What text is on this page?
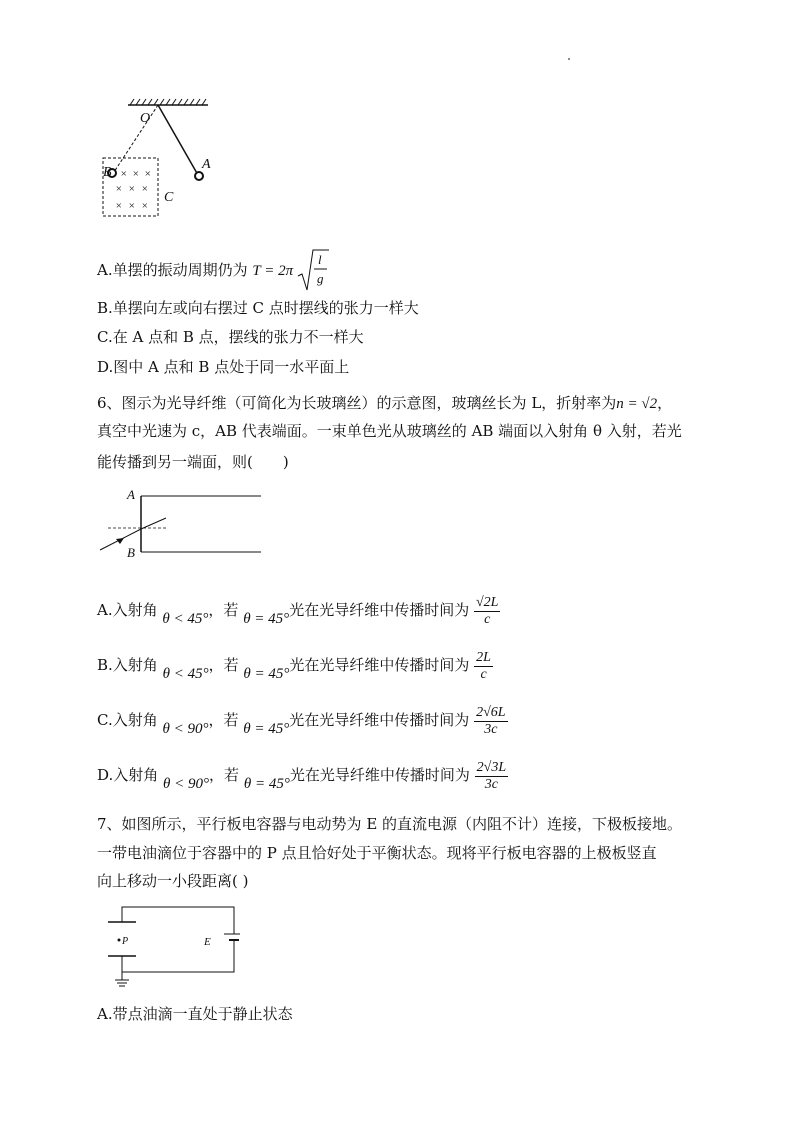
× × ×
× × ×
× × ×
O
A
B
C
A.单摆的振动周期仍为 T = 2π
l
g
B.单摆向左或向右摆过 C 点时摆线的张力一样大
C.在 A 点和 B 点，摆线的张力不一样大
D.图中 A 点和 B 点处于同一水平面上
6、图示为光导纤维（可简化为长玻璃丝）的示意图，玻璃丝长为 L，折射率为n = √2，
真空中光速为 c，AB 代表端面。一束单色光从玻璃丝的 AB 端面以入射角 θ 入射，若光
能传播到另一端面，则(　　)
A
B
A.入射角 θ < 45°，若 θ = 45°光在光导纤维中传播时间为 $\frac{√2L}{c}$
B.入射角 θ < 45°，若 θ = 45°光在光导纤维中传播时间为 $\frac{2L}{c}$
C.入射角 θ < 90°，若 θ = 45°光在光导纤维中传播时间为 $\frac{2√6L}{3c}$
D.入射角 θ < 90°，若 θ = 45°光在光导纤维中传播时间为 $\frac{2√3L}{3c}$
7、如图所示，平行板电容器与电动势为 E 的直流电源（内阻不计）连接，下极板接地。
一带电油滴位于容器中的 P 点且恰好处于平衡状态。现将平行板电容器的上极板竖直
向上移动一小段距离( )
P	E
A.带点油滴一直处于静止状态
